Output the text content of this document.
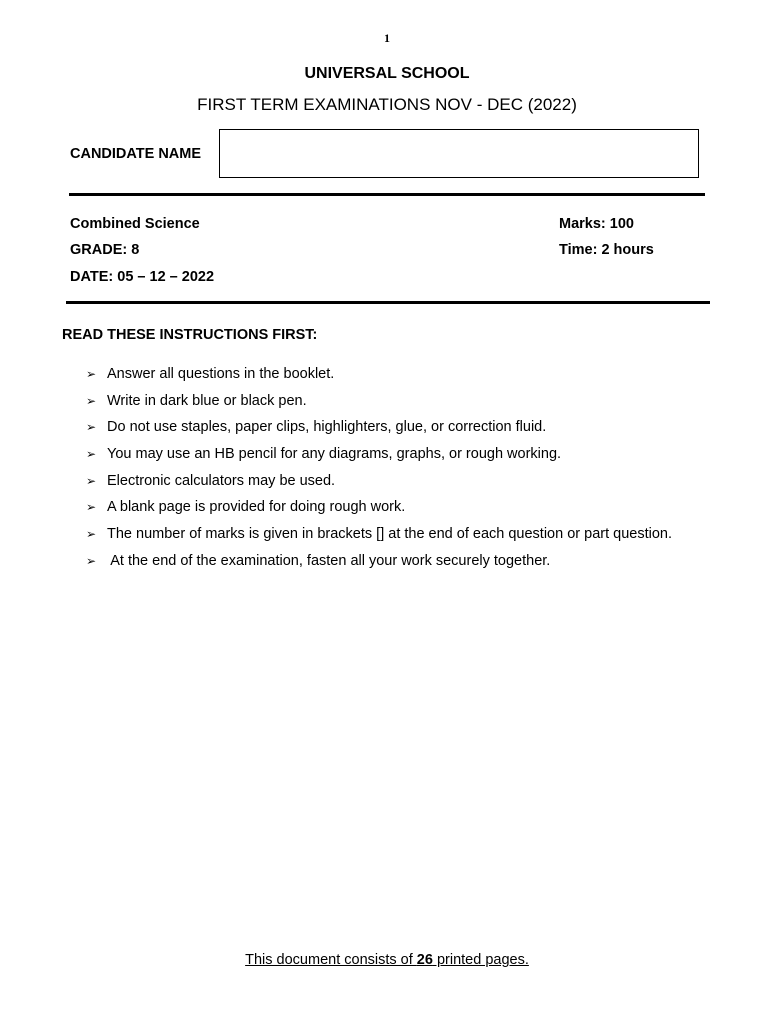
1
UNIVERSAL SCHOOL
FIRST TERM EXAMINATIONS NOV - DEC (2022)
CANDIDATE NAME
Combined Science
GRADE: 8
DATE: 05 – 12 – 2022
Marks: 100
Time: 2 hours
READ THESE INSTRUCTIONS FIRST:
➢ Answer all questions in the booklet.
➢ Write in dark blue or black pen.
➢ Do not use staples, paper clips, highlighters, glue, or correction fluid.
➢ You may use an HB pencil for any diagrams, graphs, or rough working.
➢ Electronic calculators may be used.
➢ A blank page is provided for doing rough work.
➢ The number of marks is given in brackets [] at the end of each question or part question.
➢ At the end of the examination, fasten all your work securely together.
This document consists of 26 printed pages.
